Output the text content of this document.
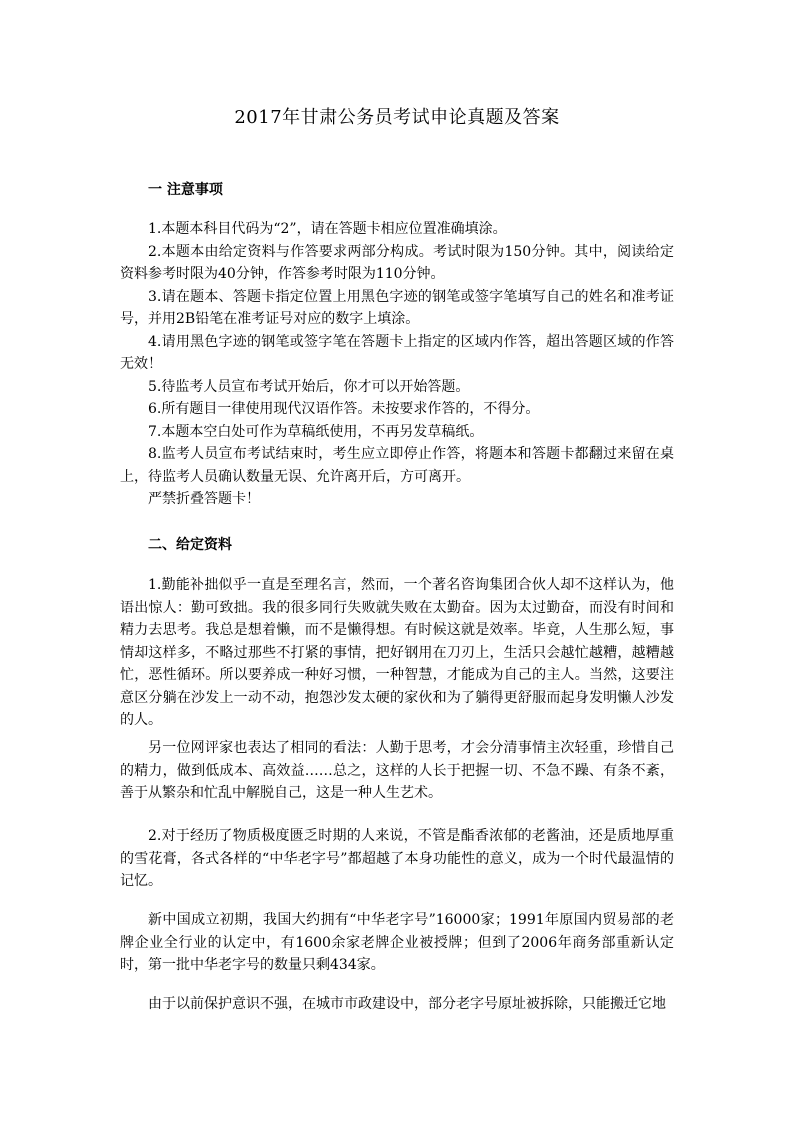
2017年甘肃公务员考试申论真题及答案
一 注意事项

1.本题本科目代码为“2”，请在答题卡相应位置准确填涂。

2.本题本由给定资料与作答要求两部分构成。考试时限为150分钟。其中，阅读给定资料参考时限为40分钟，作答参考时限为110分钟。

3.请在题本、答题卡指定位置上用黑色字迹的钢笔或签字笔填写自己的姓名和准考证号，并用2B铅笔在准考证号对应的数字上填涂。

4.请用黑色字迹的钢笔或签字笔在答题卡上指定的区域内作答，超出答题区域的作答无效！

5.待监考人员宣布考试开始后，你才可以开始答题。

6.所有题目一律使用现代汉语作答。未按要求作答的，不得分。

7.本题本空白处可作为草稿纸使用，不再另发草稿纸。

8.监考人员宣布考试结束时，考生应立即停止作答，将题本和答题卡都翻过来留在桌上，待监考人员确认数量无误、允许离开后，方可离开。

严禁折叠答题卡！

二、给定资料

1.勤能补拙似乎一直是至理名言，然而，一个著名咨询集团合伙人却不这样认为，他语出惊人：勤可致拙。我的很多同行失败就失败在太勤奋。因为太过勤奋，而没有时间和精力去思考。我总是想着懒，而不是懒得想。有时候这就是效率。毕竟，人生那么短，事情却这样多，不略过那些不打紧的事情，把好钢用在刀刃上，生活只会越忙越糟，越糟越忙，恶性循环。所以要养成一种好习惯，一种智慧，才能成为自己的主人。当然，这要注意区分躺在沙发上一动不动，抱怨沙发太硬的家伙和为了躺得更舒服而起身发明懒人沙发的人。

另一位网评家也表达了相同的看法：人勤于思考，才会分清事情主次轻重，珍惜自己的精力，做到低成本、高效益……总之，这样的人长于把握一切、不急不躁、有条不紊，善于从繁杂和忙乱中解脱自己，这是一种人生艺术。

2.对于经历了物质极度匮乏时期的人来说，不管是酯香浓郁的老酱油，还是质地厚重的雪花膏，各式各样的“中华老字号”都超越了本身功能性的意义，成为一个时代最温情的记忆。

新中国成立初期，我国大约拥有“中华老字号”16000家；1991年原国内贸易部的老牌企业全行业的认定中，有1600余家老牌企业被授牌；但到了2006年商务部重新认定时，第一批中华老字号的数量只剩434家。

由于以前保护意识不强，在城市市政建设中，部分老字号原址被拆除，只能搬迁它地
